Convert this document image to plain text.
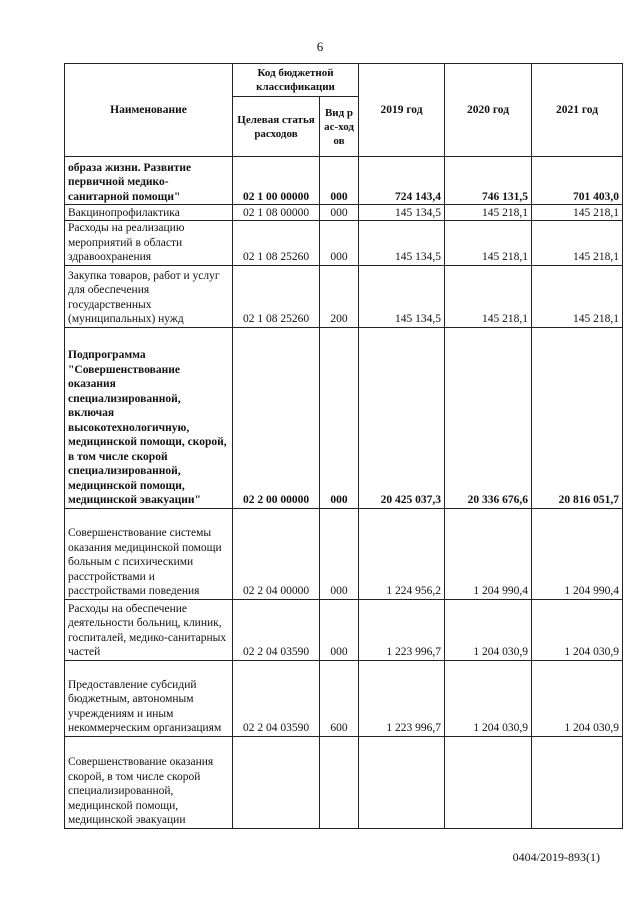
6
Наименование	Код бюджетной классификации		2019 год	2020 год	2021 год
	Целевая статья расходов	Вид рас-ходов			
образа жизни. Развитие первичной медико-санитарной помощи"	02 1 00 00000	000	724 143,4	746 131,5	701 403,0
Вакцинопрофилактика	02 1 08 00000	000	145 134,5	145 218,1	145 218,1
Расходы на реализацию мероприятий в области здравоохранения	02 1 08 25260	000	145 134,5	145 218,1	145 218,1
Закупка товаров, работ и услуг для обеспечения государственных (муниципальных) нужд	02 1 08 25260	200	145 134,5	145 218,1	145 218,1
Подпрограмма "Совершенствование оказания специализированной, включая высокотехнологичную, медицинской помощи, скорой, в том числе скорой специализированной, медицинской помощи, медицинской эвакуации"	02 2 00 00000	000	20 425 037,3	20 336 676,6	20 816 051,7
Совершенствование системы оказания медицинской помощи больным с психическими расстройствами и расстройствами поведения	02 2 04 00000	000	1 224 956,2	1 204 990,4	1 204 990,4
Расходы на обеспечение деятельности больниц, клиник, госпиталей, медико-санитарных частей	02 2 04 03590	000	1 223 996,7	1 204 030,9	1 204 030,9
Предоставление субсидий бюджетным, автономным учреждениям и иным некоммерческим организациям	02 2 04 03590	600	1 223 996,7	1 204 030,9	1 204 030,9
Совершенствование оказания скорой, в том числе скорой специализированной, медицинской помощи, медицинской эвакуации					
0404/2019-893(1)
